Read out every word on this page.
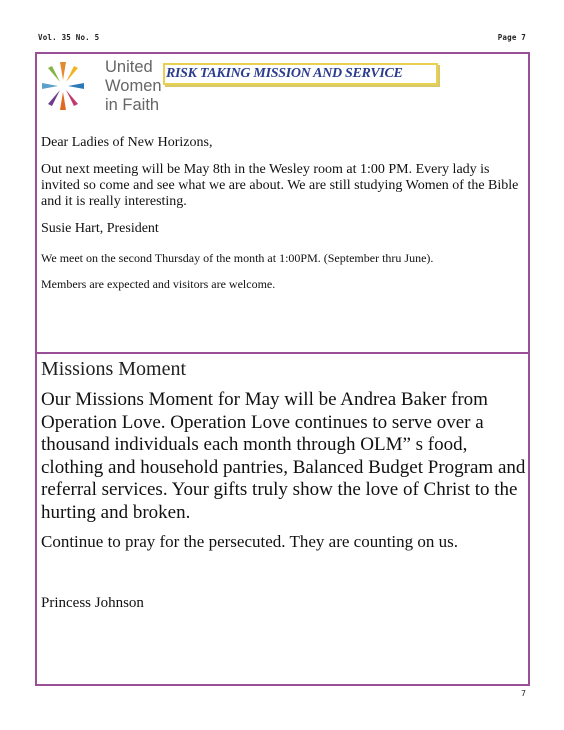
Vol. 35 No. 5	Page 7
United
Women
in Faith
RISK TAKING MISSION AND SERVICE

Dear Ladies of New Horizons,

Out next meeting will be May 8th in the Wesley room at 1:00 PM. Every lady is invited so come and see what we are about. We are still studying Women of the Bible and it is really interesting.

Susie Hart, President

We meet on the second Thursday of the month at 1:00PM. (September thru June).

Members are expected and visitors are welcome.

Missions Moment

Our Missions Moment for May will be Andrea Baker from Operation Love. Operation Love continues to serve over a thousand individuals each month through OLM” s food, clothing and household pantries, Balanced Budget Program and referral services. Your gifts truly show the love of Christ to the hurting and broken.

Continue to pray for the persecuted. They are counting on us.

Princess Johnson

7
